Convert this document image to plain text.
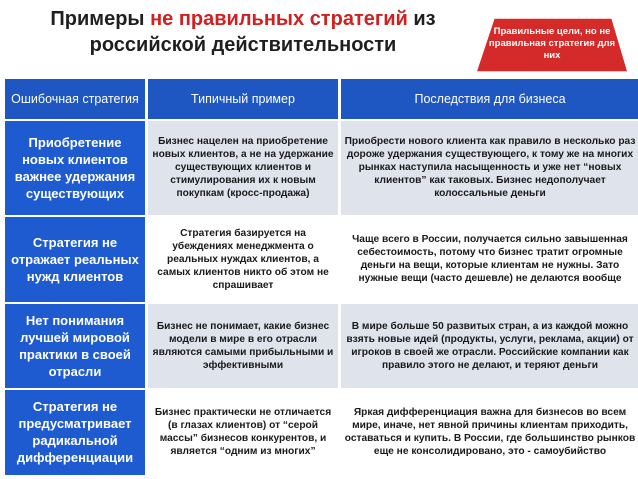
Примеры не правильных стратегий из российской действительности
Правильные цели, но не правильная стратегия для них
Ошибочная стратегия	Типичный пример	Последствия для бизнеса
Приобретение новых клиентов важнее удержания существующих	Бизнес нацелен на приобретение новых клиентов, а не на удержание существующих клиентов и стимулирования их к новым покупкам (кросс-продажа)	Приобрести нового клиента как правило в несколько раз дороже удержания существующего, к тому же на многих рынках наступила насыщенность и уже нет “новых клиентов” как таковых. Бизнес недополучает колоссальные деньги
Стратегия не отражает реальных нужд клиентов	Стратегия базируется на убеждениях менеджмента о реальных нуждах клиентов, а самых клиентов никто об этом не спрашивает	Чаще всего в России, получается сильно завышенная себестоимость, потому что бизнес тратит огромные деньги на вещи, которые клиентам не нужны. Зато нужные вещи (часто дешевле) не делаются вообще
Нет понимания лучшей мировой практики в своей отрасли	Бизнес не понимает, какие бизнес модели в мире в его отрасли являются самыми прибыльными и эффективными	В мире больше 50 развитых стран, а из каждой можно взять новые идей (продукты, услуги, реклама, акции) от игроков в своей же отрасли. Российские компании как правило этого не делают, и теряют деньги
Стратегия не предусматривает радикальной дифференциации	Бизнес практически не отличается (в глазах клиентов) от “серой массы” бизнесов конкурентов, и является “одним из многих”	Яркая дифференциация важна для бизнесов во всем мире, иначе, нет явной причины клиентам приходить, оставаться и купить. В России, где большинство рынков еще не консолидировано, это - самоубийство
